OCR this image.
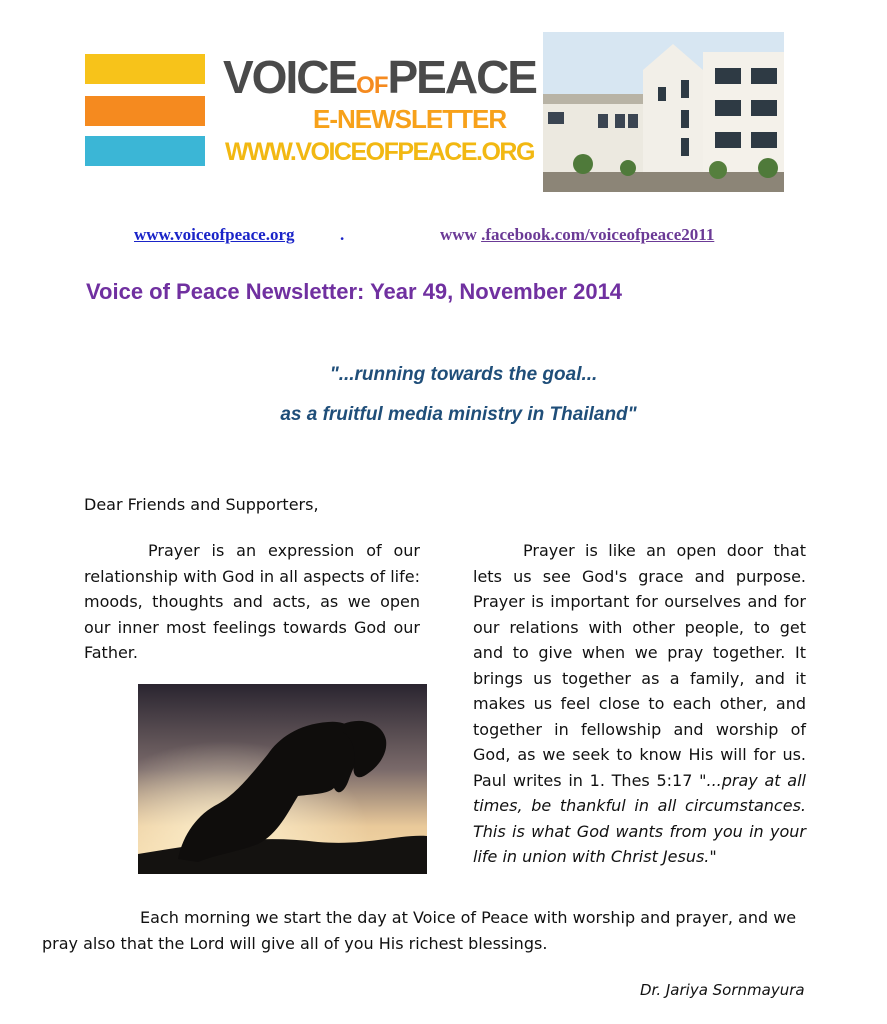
VOICEOFPEACE
E-NEWSLETTER
WWW.VOICEOFPEACE.ORG
www.voiceofpeace.org	.	www .facebook.com/voiceofpeace2011
Voice of Peace Newsletter: Year 49, November 2014
"...running towards the goal...
as a fruitful media ministry in Thailand"
Dear Friends and Supporters,
Prayer is an expression of our relationship with God in all aspects of life: moods, thoughts and acts, as we open our inner most feelings towards God our Father.
Prayer is like an open door that lets us see God's grace and purpose. Prayer is important for ourselves and for our relations with other people, to get and to give when we pray together. It brings us together as a family, and it makes us feel close to each other, and together in fellowship and worship of God, as we seek to know His will for us. Paul writes in 1. Thes 5:17 "...pray at all times, be thankful in all circumstances. This is what God wants from you in your life in union with Christ Jesus."
Each morning we start the day at Voice of Peace with worship and prayer, and we pray also that the Lord will give all of you His richest blessings.
Dr. Jariya Sornmayura
